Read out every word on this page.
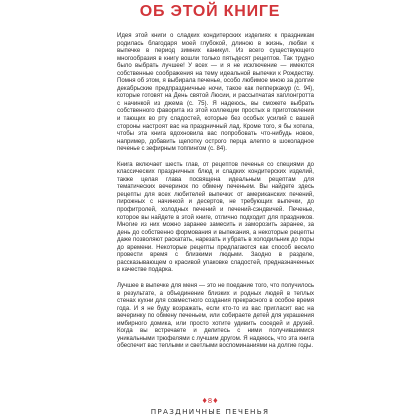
ОБ ЭТОЙ КНИГЕ

Идея этой книги о сладких кондитерских изделиях к праздникам родилась благодаря моей глубокой, длиною в жизнь, любви к выпечке в период зимних каникул. Из всего существующего многообразия в книгу вошли только пятьдесят рецептов. Так трудно было выбрать лучшее! У всех — и я не исключение — имеются собственные соображения на тему идеальной выпечки к Рождеству. Помня об этом, я выбирала печенье, особо любимое мною за долгие декабрьские предпраздничные ночи, такое как пепперкакур (с. 94), которые готовят на День святой Люсии, и рассыпчатая хаплонгротта с начинкой из джема (с. 75). Я надеюсь, вы сможете выбрать собственного фаворита из этой коллекции простых в приготовлении и тающих во рту сладостей, которые без особых усилий с вашей стороны настроят вас на праздничный лад. Кроме того, я бы хотела, чтобы эта книга вдохновила вас попробовать что-нибудь новое, например, добавить щепотку острого перца алеппо в шоколадное печенье с зефирным топпингом (с. 84).

Книга включает шесть глав, от рецептов печенья со специями до классических праздничных блюд и сладких кондитерских изделий, также целая глава посвящена идеальным рецептам для тематических вечеринок по обмену печеньем. Вы найдете здесь рецепты для всех любителей выпечки: от американских печений, пирожных с начинкой и десертов, не требующих выпечки, до профитролей, холодных печений и печений-сэндвичей. Печенье, которое вы найдете в этой книге, отлично подходит для праздников. Многие из них можно заранее замесить и заморозить заранее, за день до собственно формования и выпекания, а некоторые рецепты даже позволяют раскатать, нарезать и убрать в холодильник до поры до времени. Некоторые рецепты предлагаются как способ весело провести время с близкими людьми. Заодно в разделе, рассказывающем о красивой упаковке сладостей, предназначенных в качестве подарка.

Лучшее в выпечке для меня — это не поедание того, что получилось в результате, а объединение близких и родных людей в теплых стенах кухни для совместного создания прекрасного в особое время года. И я не буду возражать, если кто-то из вас пригласит вас на вечеринку по обмену печеньем, или собираете детей для украшения имбирного домика, или просто хотите удивить соседей и друзей. Когда вы встречаете и делитесь с ними получившимися уникальными трюфелями с лучшим другом. Я надеюсь, что эта книга обеспечит вас теплыми и светлыми воспоминаниями на долгие годы.

♦8♦
ПРАЗДНИЧНЫЕ ПЕЧЕНЬЯ
